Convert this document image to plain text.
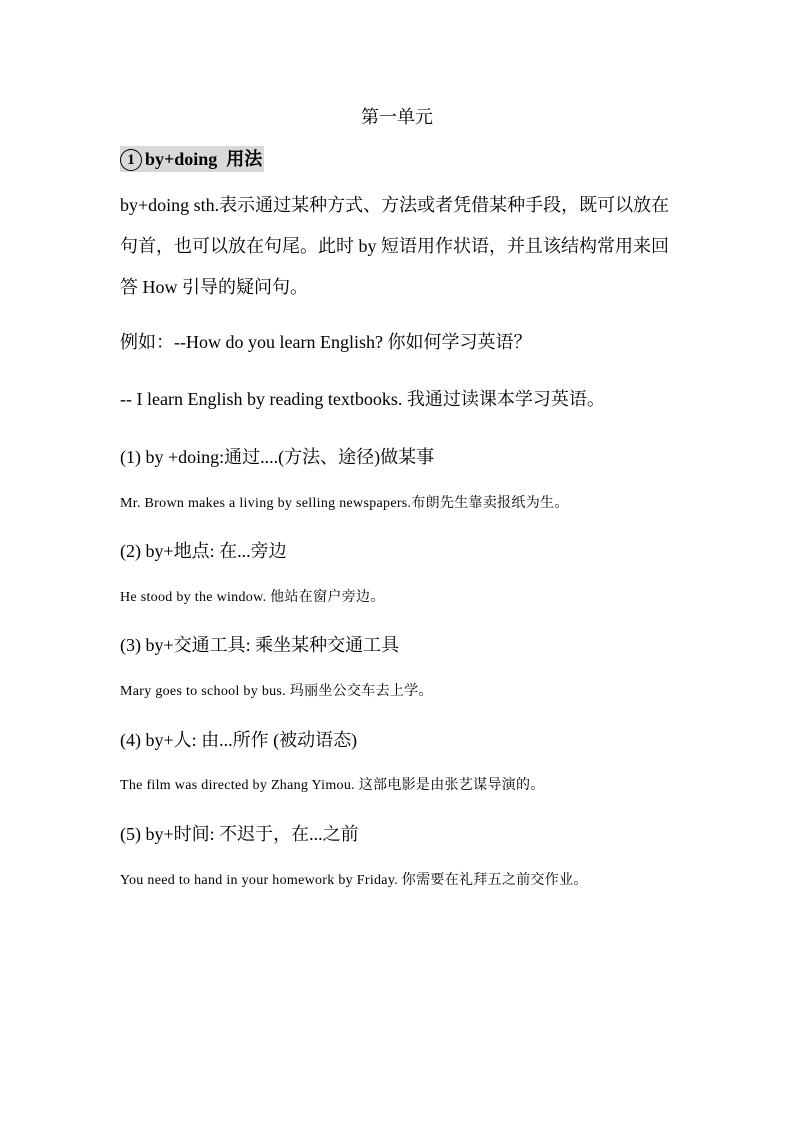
第一单元
1 by+doing  用法

by+doing sth.表示通过某种方式、方法或者凭借某种手段，既可以放在句首，也可以放在句尾。此时 by 短语用作状语，并且该结构常用来回答 How 引导的疑问句。

例如：--How do you learn English? 你如何学习英语？
-- I learn English by reading textbooks. 我通过读课本学习英语。
(1) by +doing:通过....(方法、途径)做某事
Mr. Brown makes a living by selling newspapers.布朗先生靠卖报纸为生。
(2) by+地点: 在...旁边
He stood by the window. 他站在窗户旁边。
(3) by+交通工具: 乘坐某种交通工具
Mary goes to school by bus. 玛丽坐公交车去上学。
(4) by+人: 由...所作 (被动语态)
The film was directed by Zhang Yimou. 这部电影是由张艺谋导演的。
(5) by+时间: 不迟于，在...之前
You need to hand in your homework by Friday. 你需要在礼拜五之前交作业。
